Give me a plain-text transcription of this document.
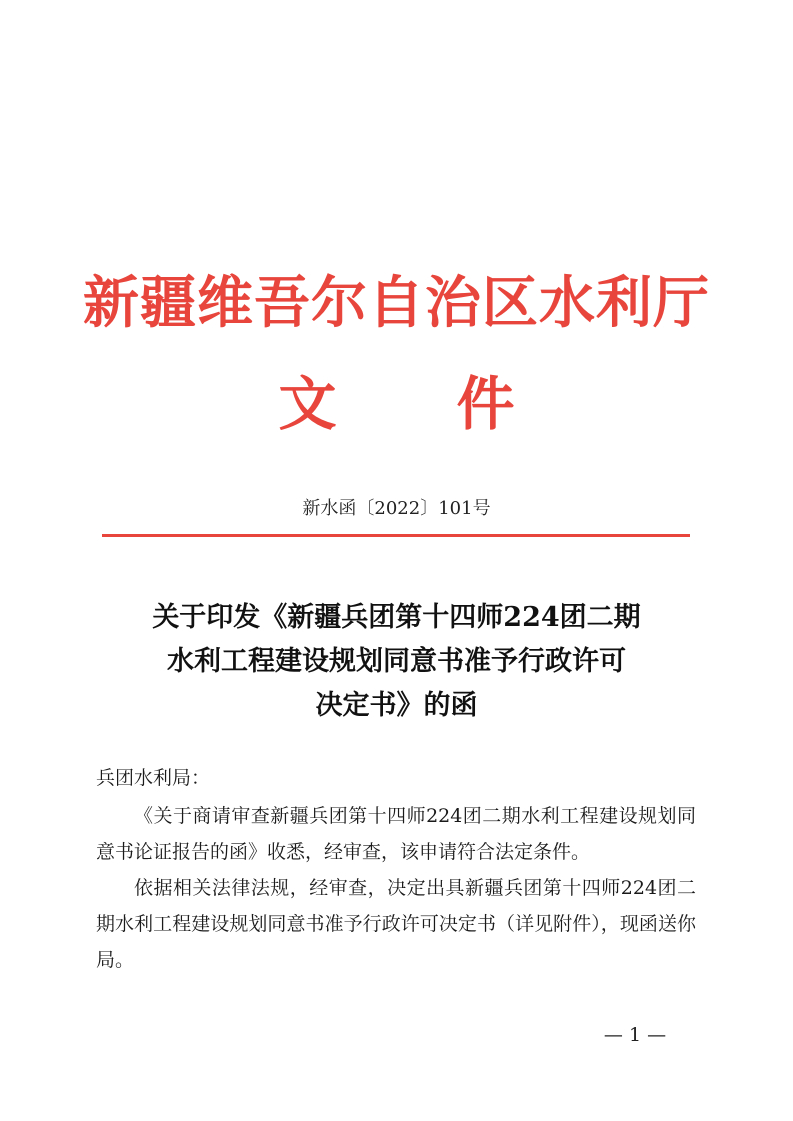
新疆维吾尔自治区水利厅
文件
新水函〔2022〕101号
关于印发《新疆兵团第十四师224团二期
水利工程建设规划同意书准予行政许可
决定书》的函

兵团水利局：

《关于商请审查新疆兵团第十四师224团二期水利工程建设规划同意书论证报告的函》收悉，经审查，该申请符合法定条件。

依据相关法律法规，经审查，决定出具新疆兵团第十四师224团二期水利工程建设规划同意书准予行政许可决定书（详见附件），现函送你局。

— 1 —
